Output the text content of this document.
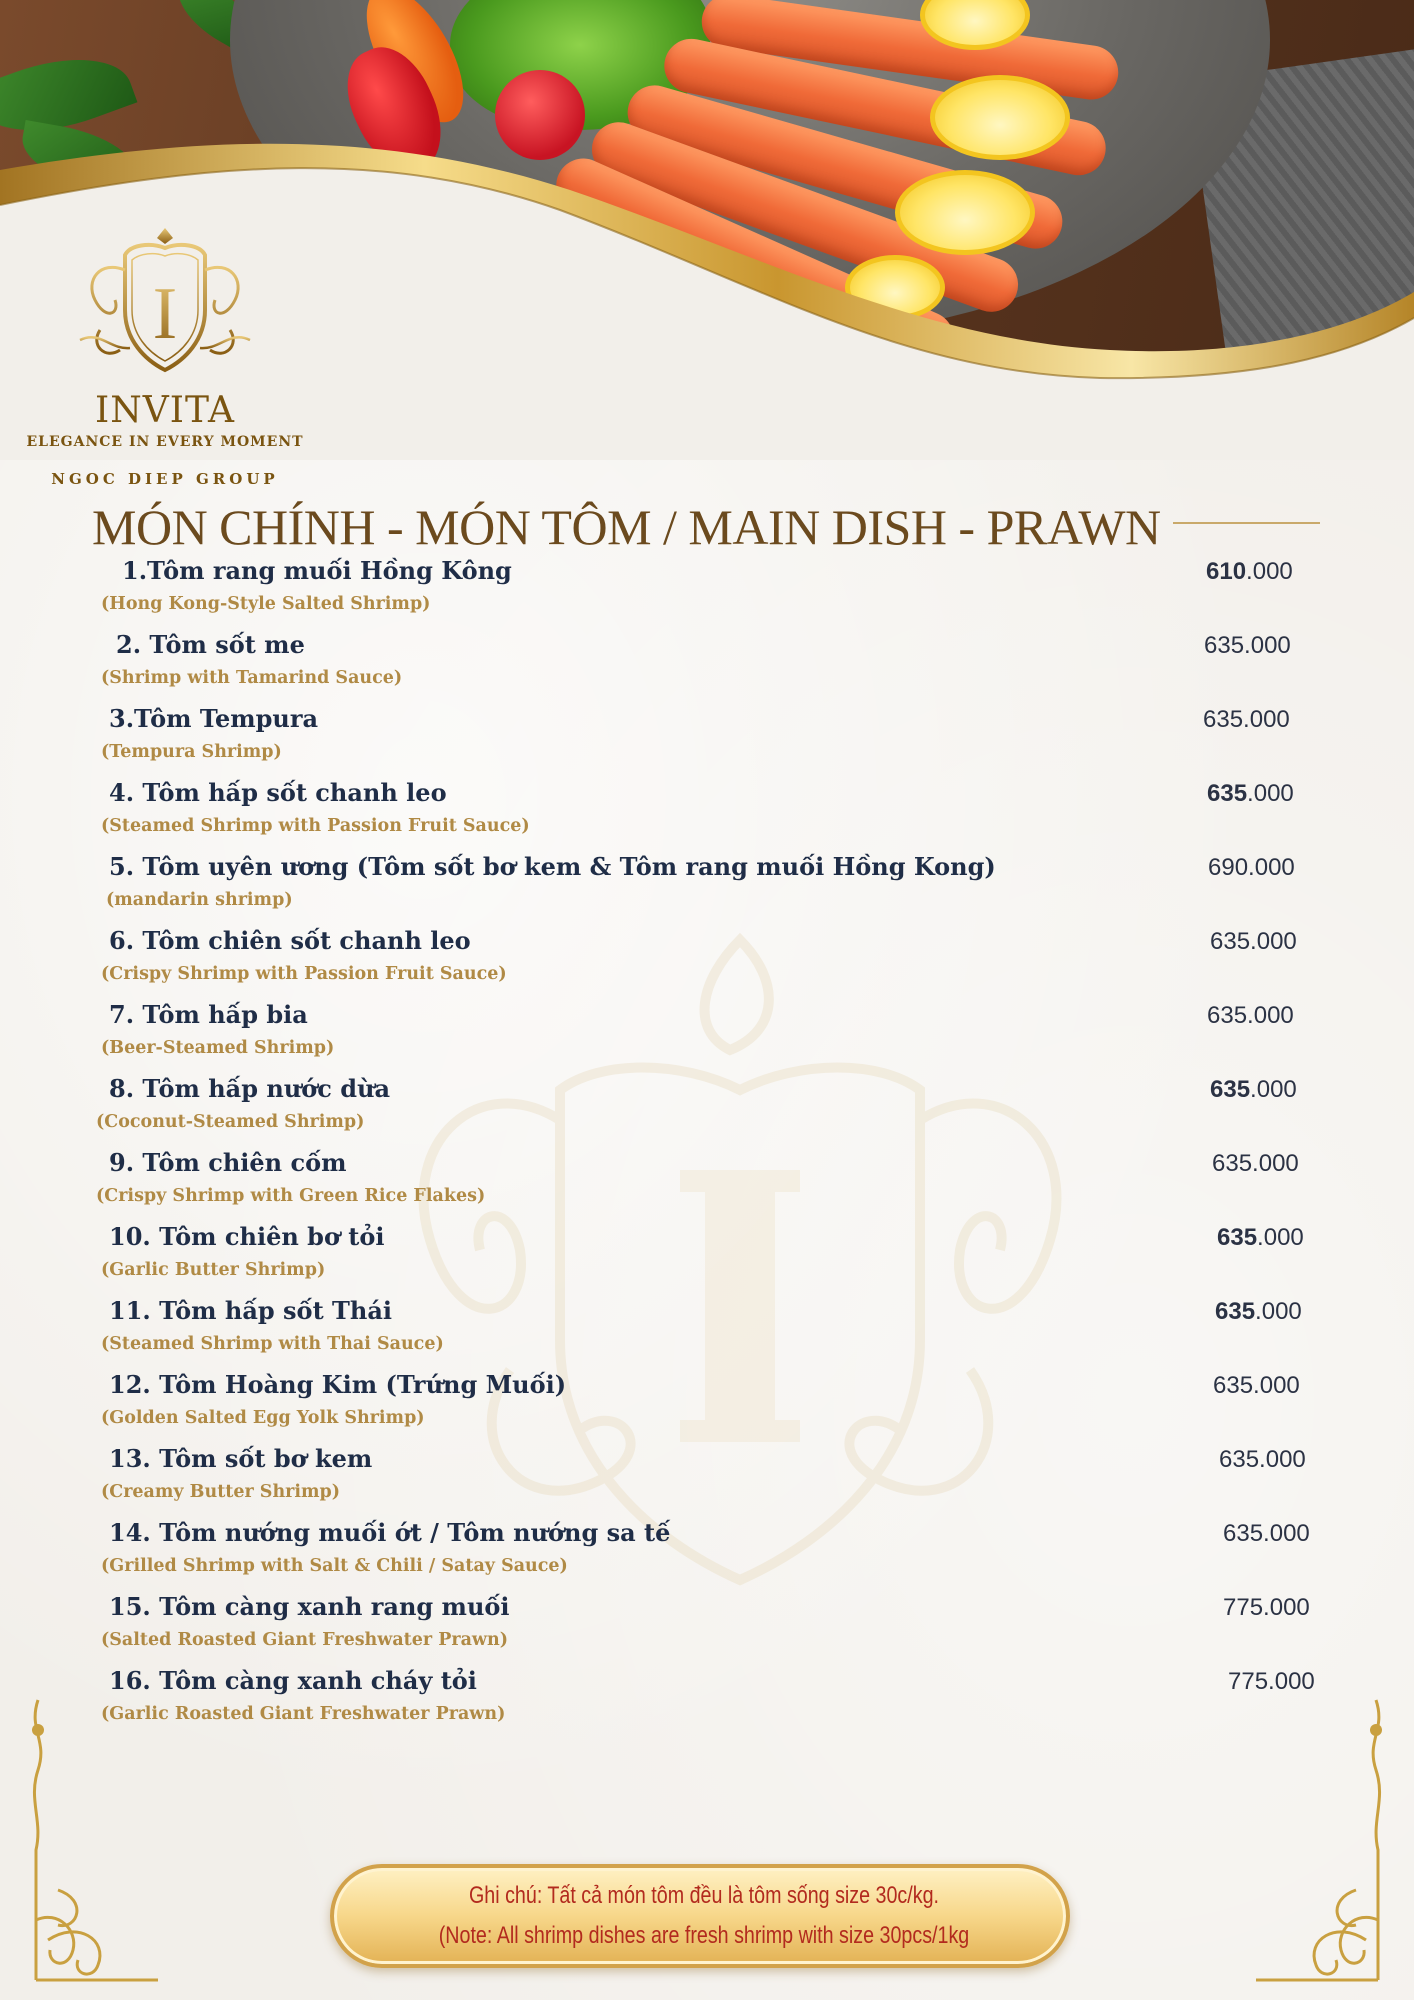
I
INVITA
ELEGANCE IN EVERY MOMENT
NGOC DIEP GROUP
MÓN CHÍNH - MÓN TÔM / MAIN DISH - PRAWN
1.Tôm rang muối Hồng Kông
(Hong Kong-Style Salted Shrimp)
610.000
2. Tôm sốt me
(Shrimp with Tamarind Sauce)
635.000
3.Tôm Tempura
(Tempura Shrimp)
635.000
4. Tôm hấp sốt chanh leo
(Steamed Shrimp with Passion Fruit Sauce)
635.000
5. Tôm uyên ương (Tôm sốt bơ kem & Tôm rang muối Hồng Kong)
(mandarin shrimp)
690.000
6. Tôm chiên sốt chanh leo
(Crispy Shrimp with Passion Fruit Sauce)
635.000
7. Tôm hấp bia
(Beer-Steamed Shrimp)
635.000
8. Tôm hấp nước dừa
(Coconut-Steamed Shrimp)
635.000
9. Tôm chiên cốm
(Crispy Shrimp with Green Rice Flakes)
635.000
10. Tôm chiên bơ tỏi
(Garlic Butter Shrimp)
635.000
11. Tôm hấp sốt Thái
(Steamed Shrimp with Thai Sauce)
635.000
12. Tôm Hoàng Kim (Trứng Muối)
(Golden Salted Egg Yolk Shrimp)
635.000
13. Tôm sốt bơ kem
(Creamy Butter Shrimp)
635.000
14. Tôm nướng muối ớt / Tôm nướng sa tế
(Grilled Shrimp with Salt & Chili / Satay Sauce)
635.000
15. Tôm càng xanh rang muối
(Salted Roasted Giant Freshwater Prawn)
775.000
16. Tôm càng xanh cháy tỏi
(Garlic Roasted Giant Freshwater Prawn)
775.000
Ghi chú: Tất cả món tôm đều là tôm sống size 30c/kg.
(Note: All shrimp dishes are fresh shrimp with size 30pcs/1kg
